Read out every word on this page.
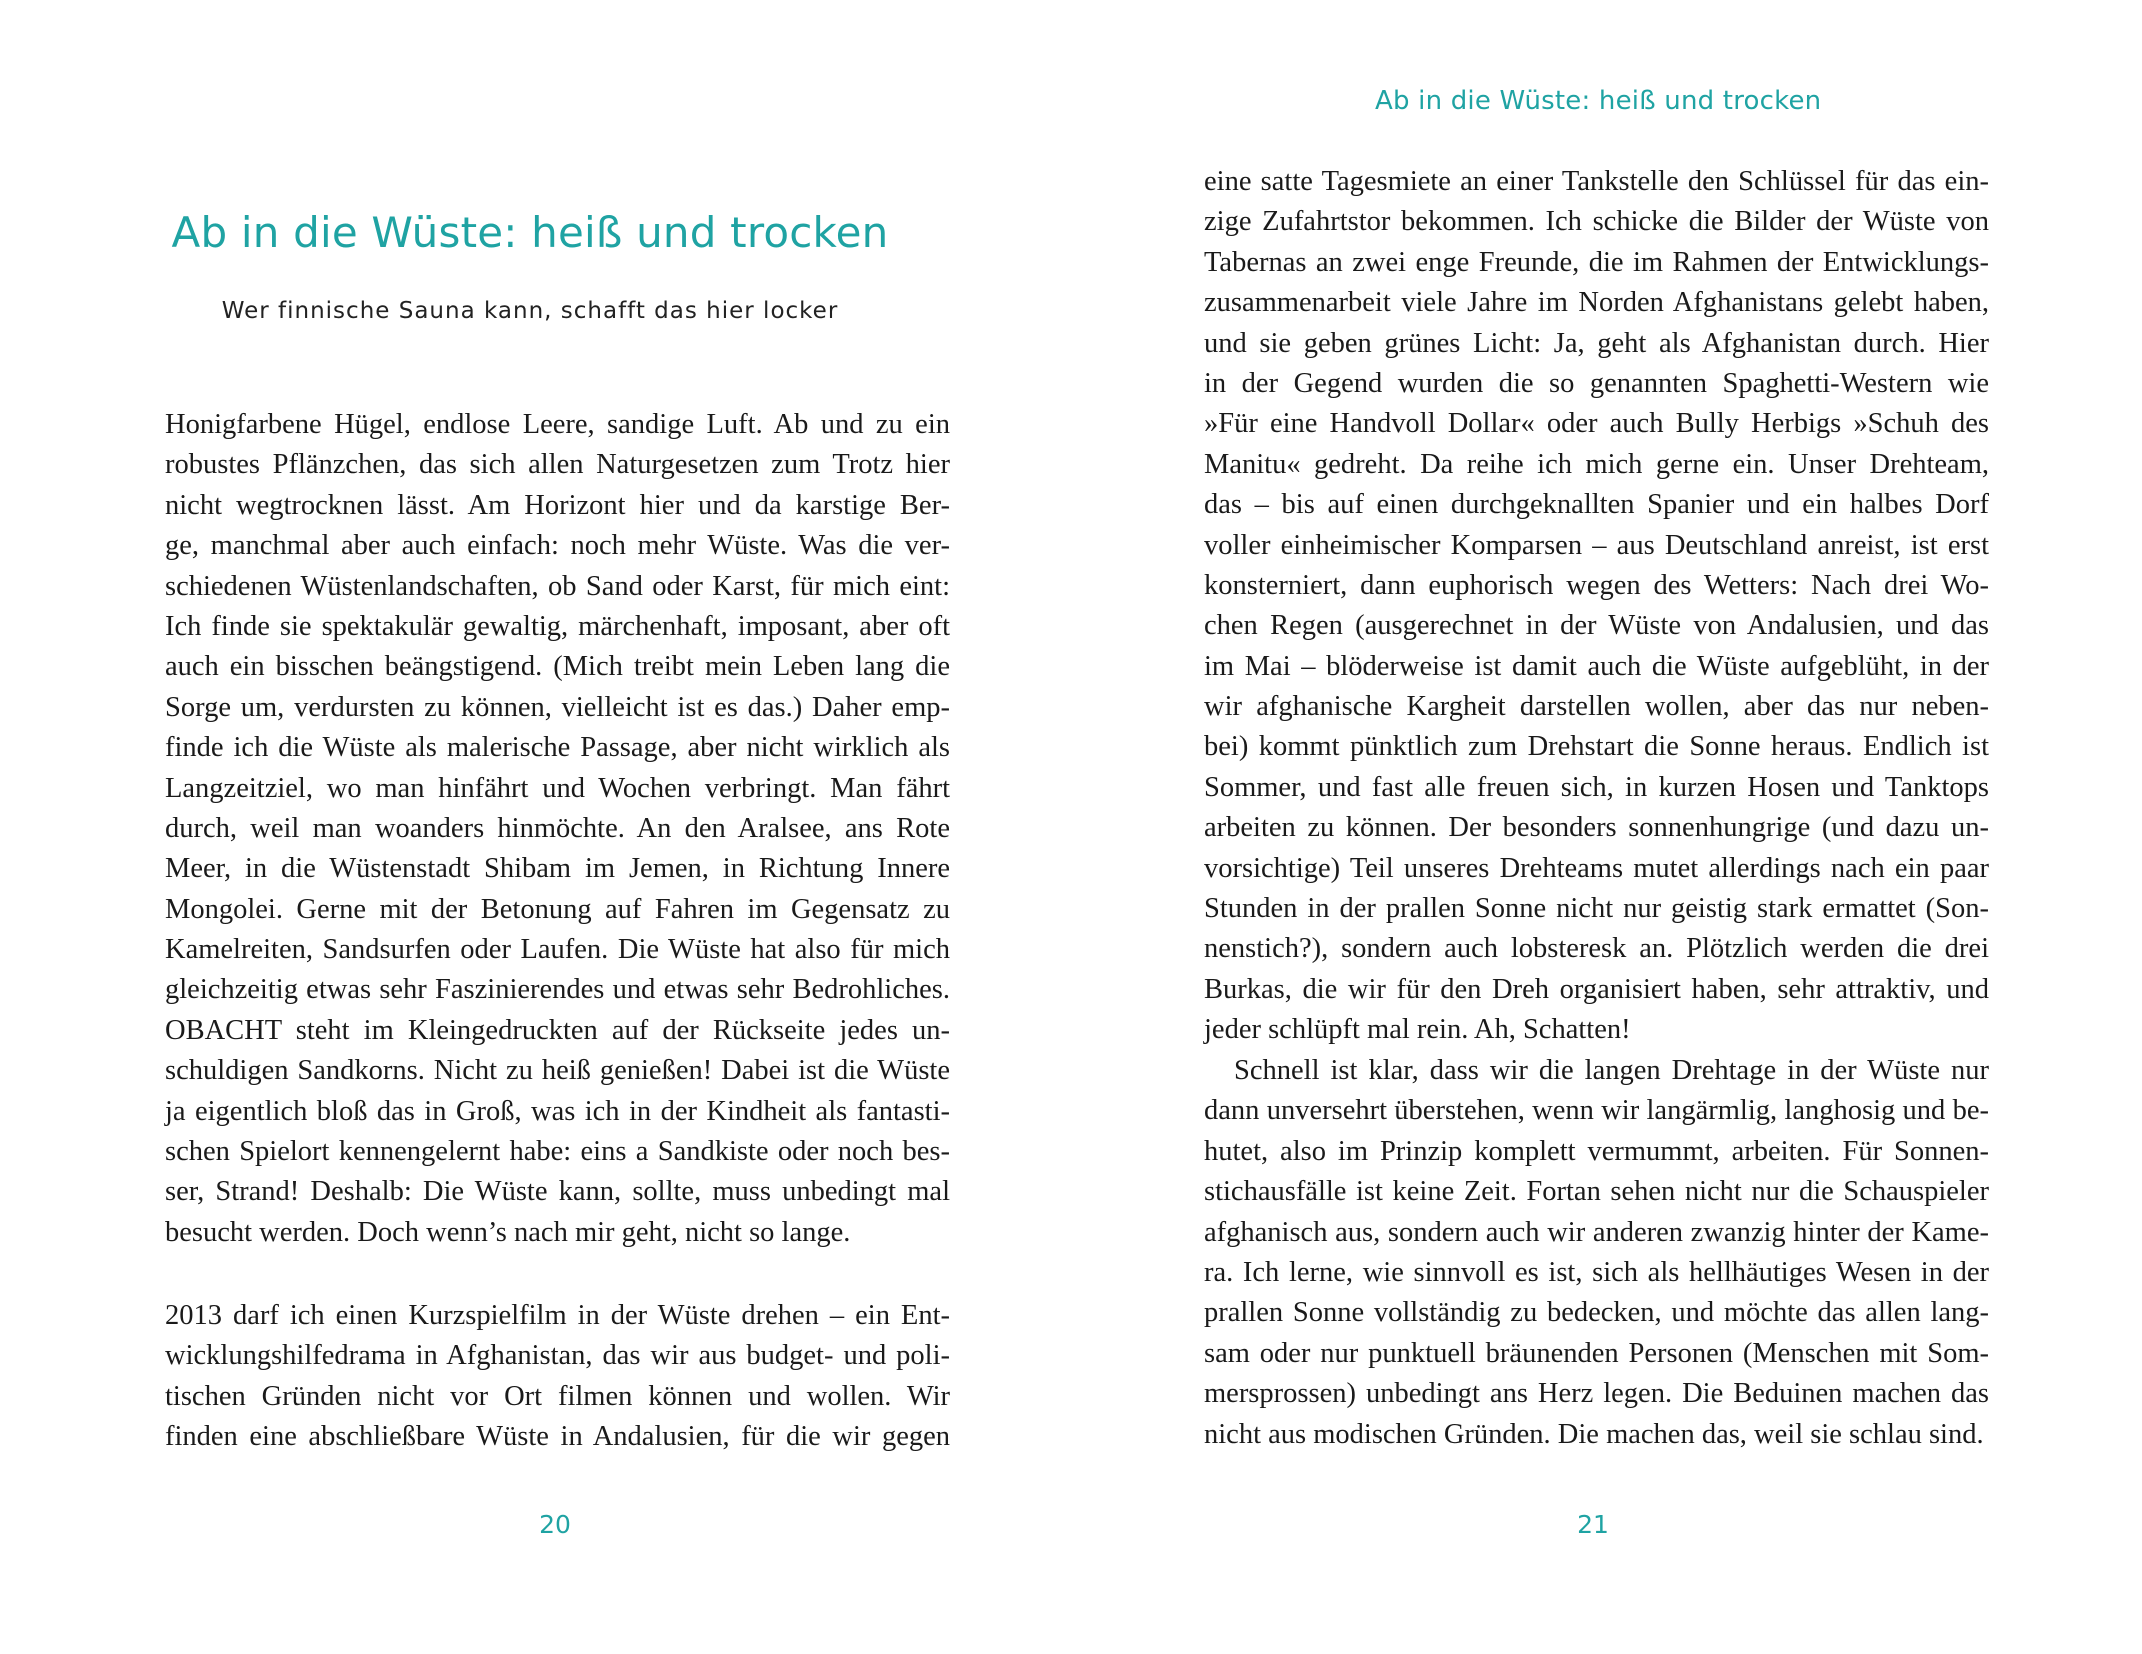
Ab in die Wüste: heiß und trocken
Wer finnische Sauna kann, schafft das hier locker
Honigfarbene Hügel, endlose Leere, sandige Luft. Ab und zu ein
robustes Pflänzchen, das sich allen Naturgesetzen zum Trotz hier
nicht wegtrocknen lässt. Am Horizont hier und da karstige Ber-
ge, manchmal aber auch einfach: noch mehr Wüste. Was die ver-
schiedenen Wüstenlandschaften, ob Sand oder Karst, für mich eint:
Ich finde sie spektakulär gewaltig, märchenhaft, imposant, aber oft
auch ein bisschen beängstigend. (Mich treibt mein Leben lang die
Sorge um, verdursten zu können, vielleicht ist es das.) Daher emp-
finde ich die Wüste als malerische Passage, aber nicht wirklich als
Langzeitziel, wo man hinfährt und Wochen verbringt. Man fährt
durch, weil man woanders hinmöchte. An den Aralsee, ans Rote
Meer, in die Wüstenstadt Shibam im Jemen, in Richtung Innere
Mongolei. Gerne mit der Betonung auf Fahren im Gegensatz zu
Kamelreiten, Sandsurfen oder Laufen. Die Wüste hat also für mich
gleichzeitig etwas sehr Faszinierendes und etwas sehr Bedrohliches.
OBACHT steht im Kleingedruckten auf der Rückseite jedes un-
schuldigen Sandkorns. Nicht zu heiß genießen! Dabei ist die Wüste
ja eigentlich bloß das in Groß, was ich in der Kindheit als fantasti-
schen Spielort kennengelernt habe: eins a Sandkiste oder noch bes-
ser, Strand! Deshalb: Die Wüste kann, sollte, muss unbedingt mal
besucht werden. Doch wenn’s nach mir geht, nicht so lange.
2013 darf ich einen Kurzspielfilm in der Wüste drehen – ein Ent-
wicklungshilfedrama in Afghanistan, das wir aus budget- und poli-
tischen Gründen nicht vor Ort filmen können und wollen. Wir
finden eine abschließbare Wüste in Andalusien, für die wir gegen
20
Ab in die Wüste: heiß und trocken
eine satte Tagesmiete an einer Tankstelle den Schlüssel für das ein-
zige Zufahrtstor bekommen. Ich schicke die Bilder der Wüste von
Tabernas an zwei enge Freunde, die im Rahmen der Entwicklungs-
zusammenarbeit viele Jahre im Norden Afghanistans gelebt haben,
und sie geben grünes Licht: Ja, geht als Afghanistan durch. Hier
in der Gegend wurden die so genannten Spaghetti-Western wie
»Für eine Handvoll Dollar« oder auch Bully Herbigs »Schuh des
Manitu« gedreht. Da reihe ich mich gerne ein. Unser Drehteam,
das – bis auf einen durchgeknallten Spanier und ein halbes Dorf
voller einheimischer Komparsen – aus Deutschland anreist, ist erst
konsterniert, dann euphorisch wegen des Wetters: Nach drei Wo-
chen Regen (ausgerechnet in der Wüste von Andalusien, und das
im Mai – blöderweise ist damit auch die Wüste aufgeblüht, in der
wir afghanische Kargheit darstellen wollen, aber das nur neben-
bei) kommt pünktlich zum Drehstart die Sonne heraus. Endlich ist
Sommer, und fast alle freuen sich, in kurzen Hosen und Tanktops
arbeiten zu können. Der besonders sonnenhungrige (und dazu un-
vorsichtige) Teil unseres Drehteams mutet allerdings nach ein paar
Stunden in der prallen Sonne nicht nur geistig stark ermattet (Son-
nenstich?), sondern auch lobsteresk an. Plötzlich werden die drei
Burkas, die wir für den Dreh organisiert haben, sehr attraktiv, und
jeder schlüpft mal rein. Ah, Schatten!
Schnell ist klar, dass wir die langen Drehtage in der Wüste nur
dann unversehrt überstehen, wenn wir langärmlig, langhosig und be-
hutet, also im Prinzip komplett vermummt, arbeiten. Für Sonnen-
stichausfälle ist keine Zeit. Fortan sehen nicht nur die Schauspieler
afghanisch aus, sondern auch wir anderen zwanzig hinter der Kame-
ra. Ich lerne, wie sinnvoll es ist, sich als hellhäutiges Wesen in der
prallen Sonne vollständig zu bedecken, und möchte das allen lang-
sam oder nur punktuell bräunenden Personen (Menschen mit Som-
mersprossen) unbedingt ans Herz legen. Die Beduinen machen das
nicht aus modischen Gründen. Die machen das, weil sie schlau sind.
21
